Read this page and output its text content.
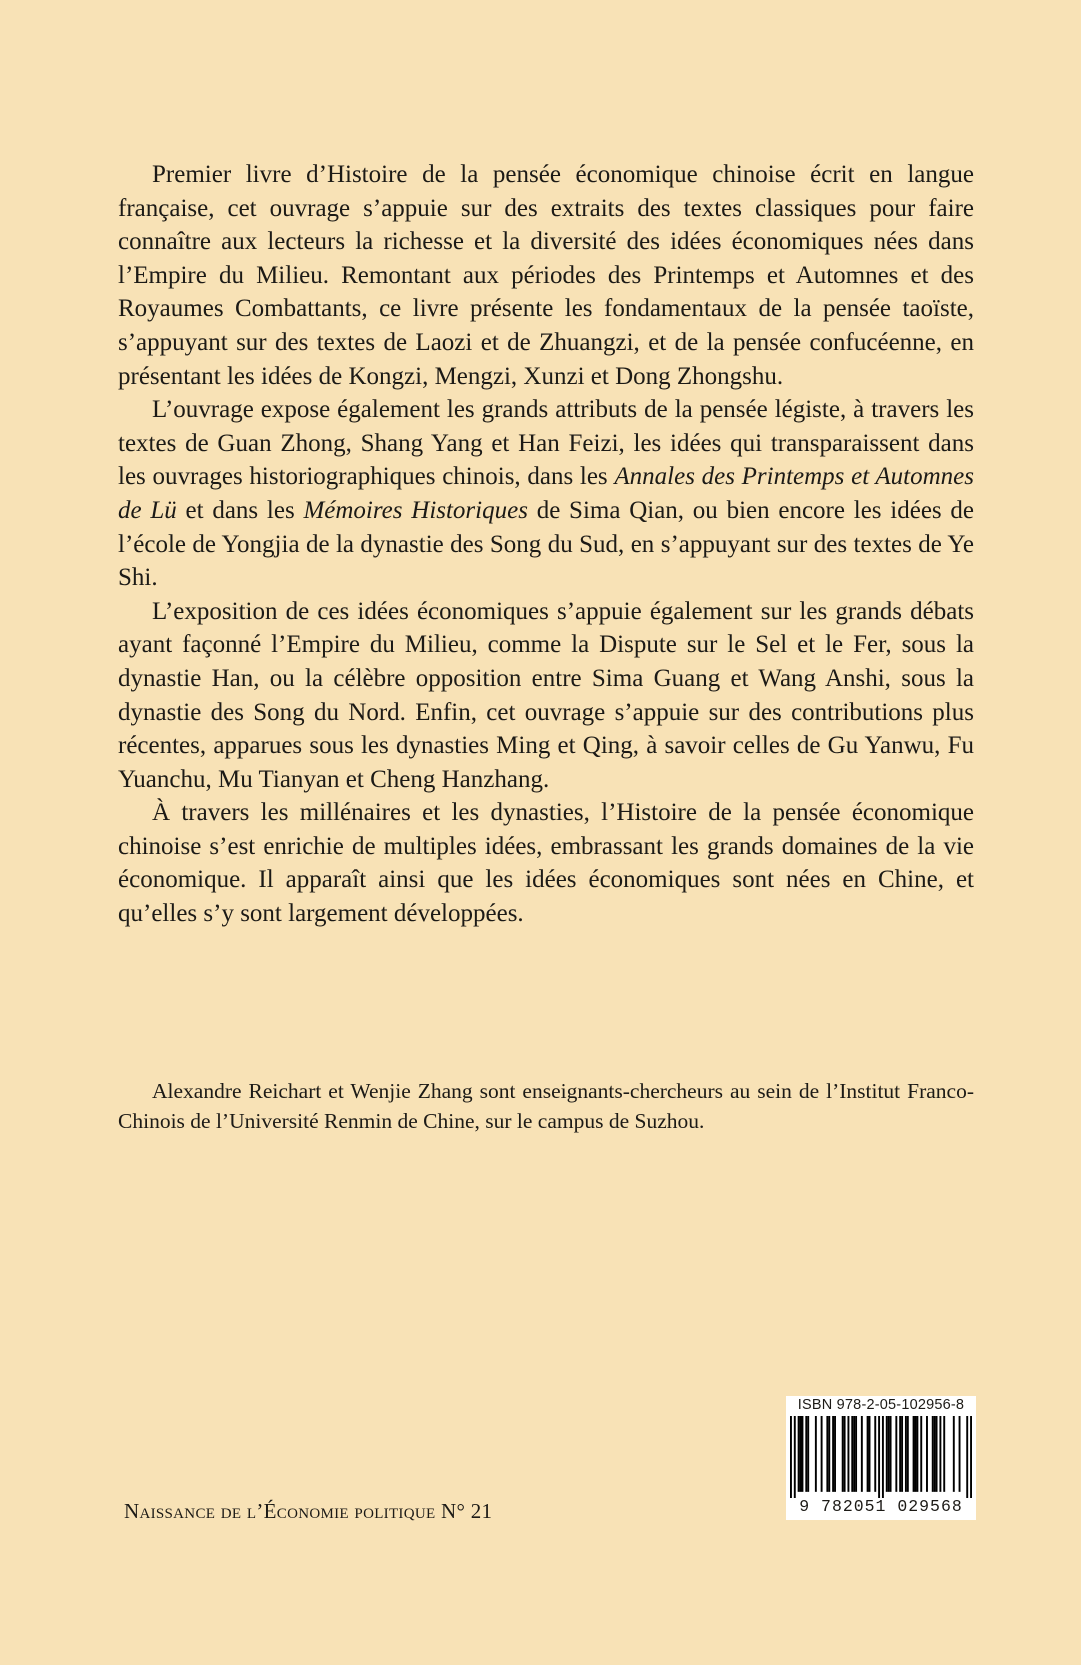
Premier livre d’Histoire de la pensée économique chinoise écrit en langue française, cet ouvrage s’appuie sur des extraits des textes classiques pour faire connaître aux lecteurs la richesse et la diversité des idées économiques nées dans l’Empire du Milieu. Remontant aux périodes des Printemps et Automnes et des Royaumes Combattants, ce livre présente les fondamentaux de la pensée taoïste, s’appuyant sur des textes de Laozi et de Zhuangzi, et de la pensée confucéenne, en présentant les idées de Kongzi, Mengzi, Xunzi et Dong Zhongshu.

L’ouvrage expose également les grands attributs de la pensée légiste, à travers les textes de Guan Zhong, Shang Yang et Han Feizi, les idées qui transparaissent dans les ouvrages historiographiques chinois, dans les Annales des Printemps et Automnes de Lü et dans les Mémoires Historiques de Sima Qian, ou bien encore les idées de l’école de Yongjia de la dynastie des Song du Sud, en s’appuyant sur des textes de Ye Shi.

L’exposition de ces idées économiques s’appuie également sur les grands débats ayant façonné l’Empire du Milieu, comme la Dispute sur le Sel et le Fer, sous la dynastie Han, ou la célèbre opposition entre Sima Guang et Wang Anshi, sous la dynastie des Song du Nord. Enfin, cet ouvrage s’appuie sur des contributions plus récentes, apparues sous les dynasties Ming et Qing, à savoir celles de Gu Yanwu, Fu Yuanchu, Mu Tianyan et Cheng Hanzhang.

À travers les millénaires et les dynasties, l’Histoire de la pensée économique chinoise s’est enrichie de multiples idées, embrassant les grands domaines de la vie économique. Il apparaît ainsi que les idées économiques sont nées en Chine, et qu’elles s’y sont largement développées.

Alexandre Reichart et Wenjie Zhang sont enseignants-chercheurs au sein de l’Institut Franco-Chinois de l’Université Renmin de Chine, sur le campus de Suzhou.

Naissance de l’Économie politique N° 21
ISBN 978-2-05-102956-8
9 782051 029568
